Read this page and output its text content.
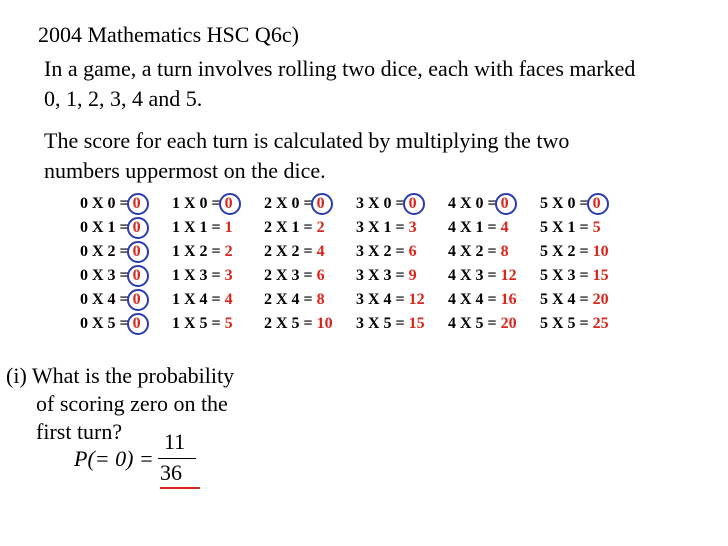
2004 Mathematics HSC Q6c)
In a game, a turn involves rolling two dice, each with faces marked
0, 1, 2, 3, 4 and 5.
The score for each turn is calculated by multiplying the two
numbers uppermost on the dice.
0 X 0 = 0
0 X 1 = 0
0 X 2 = 0
0 X 3 = 0
0 X 4 = 0
0 X 5 = 0
1 X 0 = 0
1 X 1 = 1
1 X 2 = 2
1 X 3 = 3
1 X 4 = 4
1 X 5 = 5
2 X 0 = 0
2 X 1 = 2
2 X 2 = 4
2 X 3 = 6
2 X 4 = 8
2 X 5 = 10
3 X 0 = 0
3 X 1 = 3
3 X 2 = 6
3 X 3 = 9
3 X 4 = 12
3 X 5 = 15
4 X 0 = 0
4 X 1 = 4
4 X 2 = 8
4 X 3 = 12
4 X 4 = 16
4 X 5 = 20
5 X 0 = 0
5 X 1 = 5
5 X 2 = 10
5 X 3 = 15
5 X 4 = 20
5 X 5 = 25
(i) What is the probability
of scoring zero on the
first turn?
P(= 0) =
11
36
